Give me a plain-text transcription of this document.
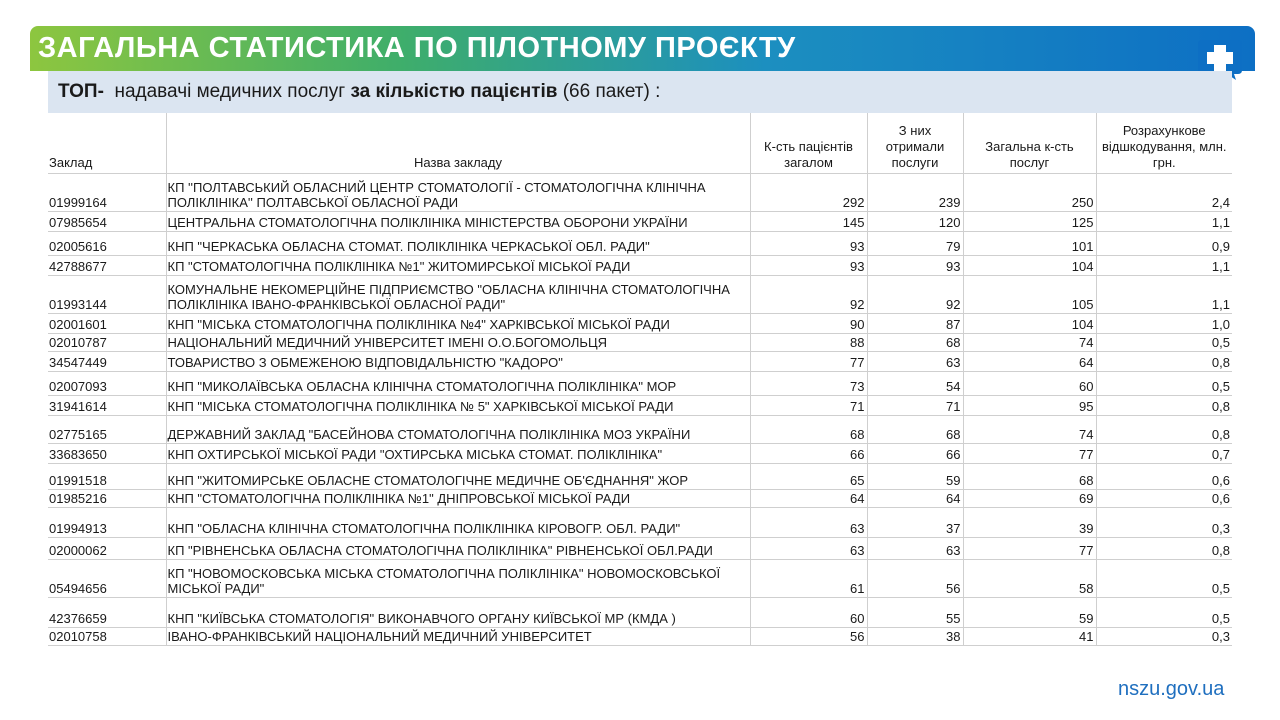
ЗАГАЛЬНА СТАТИСТИКА ПО ПІЛОТНОМУ ПРОЄКТУ
ТОП- надавачі медичних послуг за кількістю пацієнтів (66 пакет) :
Заклад	Назва закладу	К-сть пацієнтів загалом	З них отримали послуги	Загальна к-сть послуг	Розрахункове відшкодування, млн. грн.
01999164	КП ''ПОЛТАВСЬКИЙ ОБЛАСНИЙ ЦЕНТР СТОМАТОЛОГІЇ - СТОМАТОЛОГІЧНА КЛІНІЧНА ПОЛІКЛІНІКА'' ПОЛТАВСЬКОЇ ОБЛАСНОЇ РАДИ	292	239	250	2,4
07985654	ЦЕНТРАЛЬНА СТОМАТОЛОГІЧНА ПОЛІКЛІНІКА МІНІСТЕРСТВА ОБОРОНИ УКРАЇНИ	145	120	125	1,1
02005616	КНП "ЧЕРКАСЬКА ОБЛАСНА СТОМАТ. ПОЛІКЛІНІКА ЧЕРКАСЬКОЇ ОБЛ. РАДИ"	93	79	101	0,9
42788677	КП "СТОМАТОЛОГІЧНА ПОЛІКЛІНІКА №1" ЖИТОМИРСЬКОЇ МІСЬКОЇ РАДИ	93	93	104	1,1
01993144	КОМУНАЛЬНЕ НЕКОМЕРЦІЙНЕ ПІДПРИЄМСТВО "ОБЛАСНА КЛІНІЧНА СТОМАТОЛОГІЧНА ПОЛІКЛІНІКА ІВАНО-ФРАНКІВСЬКОЇ ОБЛАСНОЇ РАДИ"	92	92	105	1,1
02001601	КНП "МІСЬКА СТОМАТОЛОГІЧНА ПОЛІКЛІНІКА №4" ХАРКІВСЬКОЇ МІСЬКОЇ РАДИ	90	87	104	1,0
02010787	НАЦІОНАЛЬНИЙ МЕДИЧНИЙ УНІВЕРСИТЕТ ІМЕНІ О.О.БОГОМОЛЬЦЯ	88	68	74	0,5
34547449	ТОВАРИСТВО З ОБМЕЖЕНОЮ ВІДПОВІДАЛЬНІСТЮ "КАДОРО"	77	63	64	0,8
02007093	КНП "МИКОЛАЇВСЬКА ОБЛАСНА КЛІНІЧНА СТОМАТОЛОГІЧНА ПОЛІКЛІНІКА" МОР	73	54	60	0,5
31941614	КНП "МІСЬКА СТОМАТОЛОГІЧНА ПОЛІКЛІНІКА № 5" ХАРКІВСЬКОЇ МІСЬКОЇ РАДИ	71	71	95	0,8
02775165	ДЕРЖАВНИЙ ЗАКЛАД "БАСЕЙНОВА СТОМАТОЛОГІЧНА ПОЛІКЛІНІКА МОЗ УКРАЇНИ	68	68	74	0,8
33683650	КНП ОХТИРСЬКОЇ МІСЬКОЇ РАДИ "ОХТИРСЬКА МІСЬКА СТОМАТ. ПОЛІКЛІНІКА"	66	66	77	0,7
01991518	КНП "ЖИТОМИРСЬКЕ ОБЛАСНЕ СТОМАТОЛОГІЧНЕ МЕДИЧНЕ ОБ'ЄДНАННЯ" ЖОР	65	59	68	0,6
01985216	КНП "СТОМАТОЛОГІЧНА ПОЛІКЛІНІКА №1" ДНІПРОВСЬКОЇ МІСЬКОЇ РАДИ	64	64	69	0,6
01994913	КНП "ОБЛАСНА КЛІНІЧНА СТОМАТОЛОГІЧНА ПОЛІКЛІНІКА КІРОВОГР. ОБЛ. РАДИ"	63	37	39	0,3
02000062	КП "РІВНЕНСЬКА ОБЛАСНА СТОМАТОЛОГІЧНА ПОЛІКЛІНІКА" РІВНЕНСЬКОЇ ОБЛ.РАДИ	63	63	77	0,8
05494656	КП "НОВОМОСКОВСЬКА МІСЬКА СТОМАТОЛОГІЧНА ПОЛІКЛІНІКА" НОВОМОСКОВСЬКОЇ МІСЬКОЇ РАДИ"	61	56	58	0,5
42376659	КНП "КИЇВСЬКА СТОМАТОЛОГІЯ" ВИКОНАВЧОГО ОРГАНУ КИЇВСЬКОЇ МР (КМДА )	60	55	59	0,5
02010758	ІВАНО-ФРАНКІВСЬКИЙ НАЦІОНАЛЬНИЙ МЕДИЧНИЙ УНІВЕРСИТЕТ	56	38	41	0,3
nszu.gov.ua
